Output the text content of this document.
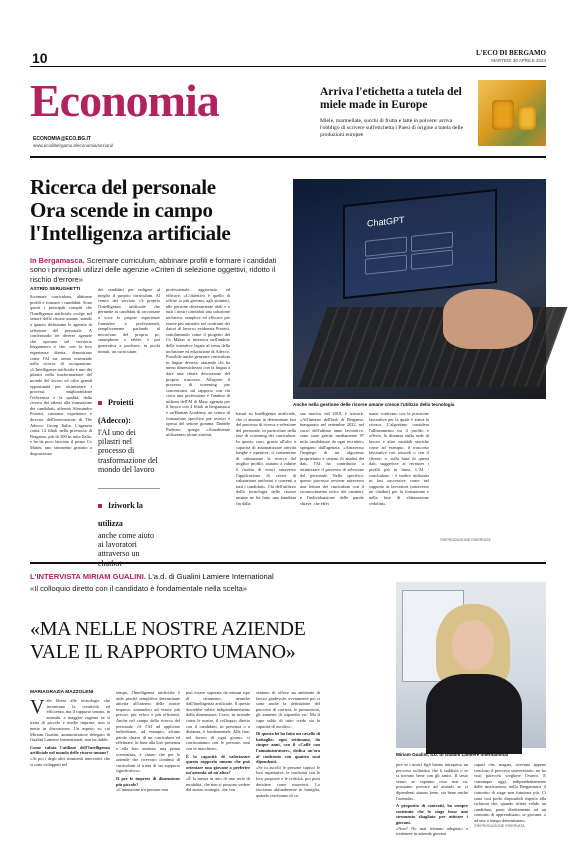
10	L'ECO DI BERGAMO
MARTEDÌ 30 APRILE 2024
Economia
ECONOMIA@ECO.BG.IT
www.ecodibergamo.it/economia/sezioni/
Arriva l'etichetta a tutela del miele made in Europe
Miele, marmellate, succhi di frutta e latte in polvere: arriva l'obbligo di scrivere sull'etichetta i Paesi di origine a tutela delle produzioni europee
Ricerca del personale
Ora scende in campo
l'Intelligenza artificiale
In Bergamasca. Scremare curriculum, abbinare profili e formare i candidati sono i principali utilizzi delle agenzie «Criteri di selezione oggettivi, ridotto il rischio d'errore»
ChatGPT
Anche nella gestione delle risorse umane cresce l'utilizzo della tecnologia
ASTRID SERUGHETTI
Scremare curriculum, abbinare profili e formare i candidati. Sono questi i principali compiti che l'Intelligenza artificiale svolge nel settore delle risorse umane, stando a quanto dichiarano le agenzie di selezione del personale. A confermarlo tre diverse agenzie che operano sul territorio bergamasco e che, con la loro esperienza diretta, dimostrano come l'AI sia ormai essenziale nella ricerca di occupazione. «L'Intelligenza artificiale è uno dei pilastri nella trasformazione del mondo del lavoro ed offre grandi opportunità per ottimizzare i processi, migliorandone l'efficienza e la qualità, dalla ricerca dei talenti alla formazione dei candidati» afferma Alessandro Proietti, customer experience e director dell'innovazione di The Adecco Group Italia. L'agenzia conta 14 filiali nella provincia di Bergamo, più di 300 in tutta Italia, e ha da poco lanciato il primo Cv Maker, uno strumento gratuito a disposizione
dei candidati per redigere al meglio il proprio curriculum. Al centro del servizio c'è proprio l'Intelligenza artificiale che permette ai candidati di raccontare a voce le proprie esperienze formative e professionali, semplicemente parlando al microfono del proprio pc, smartphone o tablet: è poi generativa a produrre, in pochi minuti, un curriculum
Proietti (Adecco):
l'AI uno dei pilastri nel processo di trasformazione del mondo del lavoro
Iziwork la utilizza
anche come aiuto ai lavoratori attraverso un
professionale aggiornato ed efficace. «L'obiettivo è quello di offrire ai più giovani, agli stranieri, alle persone diversamente abili e a tutti i nostri candidati una soluzione inclusiva, semplice ed efficace per essere più attrattivi nei confronti dei datori di lavoro» evidenzia Proietti, sottolineando come il progetto del Cv Maker si inserisca nell'ambito delle iniziative legate al tema della inclusione ed educazione di Adecco. Possibile anche generare curriculum in lingue diverse, aiutando chi ha meno dimestichezza con la lingua a dare una chiara descrizione del proprio trascorso. Allegorie il processo di screening per concentrarsi sul rapporto con chi cerca una professione è l'ambito di utilizzo dell'AI di Maw, agenzia per il lavoro con 4 filiali in bergamasca e un'Human Academy, un centro di formazione specifico per tecnici e operai del settore gomma. Daniele Paderno, spiega: «Attualmente utilizziamo alcuni sistemi,
basati su Intelligenza artificiale, che ci aiutano in determinate fasi del processo di ricerca e selezione del personale, in particolare nella fase di screening dei curriculum. In questo caso, grazie all'alto e capacità di automatizzare attività lunghe e ripetitive, ci consentono di ottimizzare la ricerca del miglior profilo, aiutano a ridurre il rischio di errori attraverso l'applicazione di criteri di valutazione uniformi e coerenti a tutti i candidati». Chi dell'utilizzo della tecnologia nelle risorse umane ne ha fatto una bandiera fin dalla
sua nascita, nel 2018, è iziwork. «All'interno dell'hub di Bergamo, inaugurato nel settembre 2022, nel corso dell'ultimo anno lavorativo, sono state gestite mediamente 97 mila candidature da ogni recruiter» spiegano dall'agenzia. «Attraverso l'impiego di un algoritmo proprietario e sistemi di analisi dei dati, l'AI ha contribuito a ottimizzare il processo di selezione del personale. Nello specifico, questo processo avviene attraverso una lettura dei curriculum con il riconoscimento ottico dei caratteri, e l'individuazione delle parole chiave, che effet
tuano confronto con la posizione lavorativa per la quale è attiva la ricerca. L'algoritmo considera l'allineamento tra il profilo e offerta, la distanza dalla sede di lavoro e altre variabili storiche come ad esempio, il trascorso lavorativo con iziwork o con il cliente, e, sulla base di questi dati, suggerisce ai recruiter i profili più in linea. L'AI - concludono - è inoltre utilizzata in fasi successive come nel supporto ai lavoratori (attraverso un chatbot) per la formazione e nella fase di elaborazione cedolini».
©RIPRODUZIONE RISERVATA
L'INTERVISTA MIRIAM GUALINI. L'a.d. di Gualini Lamiere International
«Il colloquio diretto con il candidato è fondamentale nella scelta»
«MA NELLE NOSTRE AZIENDE
VALE IL RAPPORTO UMANO»
Miriam Gualini, a.d. di Gualini Lamiere International
MARIAGRAZIA MAZZOLENI
Vale libera alle tecnologie che incontrano la creatività ed efficienza, ma il rapporto umano, in azienda, a maggior ragione se si tratta di piccole e medie imprese, non si mette in discussione. Un aspetto su cui Miriam Gualini, amministratore delegato di Gualini Lamiere International, non ha dubbi.
Come valuta l'utilizzo dell'Intelligenza artificiale nel mondo delle risorse umane?
«Ai poi i degli altri strumenti innovativi che si sono sviluppati nel
tempo, l'Intelligenza artificiale è utile perché semplifica determinate attività all'interno delle nostre imprese, aiutandoci ad essere più precisi, più veloci e più efficienti. Anche nel campo della ricerca del personale c'è l'AI ad applicare individuare, ad esempio, alcune parole chiave di un curriculum ed effettuare, in base alla loro presenza o alla loro assenza, una prima scrematura, è chiaro che per le aziende che ricevono continui di curriculum si tratta di un supporto significativo».
Il per le imprese di dimensione più piccole?
«L'intenzione tra persone non
può essere superata da nessun tipo di strumento, neanche dall'Intelligenza artificiale. Il questo dovrebbe valere indipendentemente dalla dimensione. Certo, in aziende come le nostre, il colloquio diretto con il candidato, in presenza o a distanza, è fondamentale. Alla fine, nel lavoro di ogni giorno, ci confrontiamo con le persone, non con le macchine».
È la capacità di valorizzare questo rapporto umano che può orientare una giovane a preferire un'azienda ad un'altra?
«È la messa in atto di una serie di modalità, che non si possono vedere dal nostro strategie, che con
sentono di offrire un ambiente di lavoro gradevole, ovviamente poi ci sono anche la definizione del percorso di carriera, le promozioni, gli aumenti di stipendio etc. Ma il capo saldo di tutto credo sia la capacità di ascolto».
Di questa lei ha fatto un cavallo di battaglia: ogni settimana, da cinque anni, con il «Caffè con l'amministratore», dedica un'ora al confronto con quattro suoi dipendenti.
«Se tu ascolti le persone capisci le loro aspettative, le confronti con le loro proposte e le criticità, poi puoi decidere come muoverti. Lo facciamo abitualmente in famiglia, quando cerchiamo di ca
pire se i nostri figli hanno intrapreso un percorso scolastico che li soddisfa o se si trovano bene con gli amici. Il sesto senso, se capiamo cosa non va, possiamo provare ad aiutarli se ci dipendenti stanno bene, sta bene anche l'azienda».
A proposito di contratti, ha sempre sostenuto che lo stage fosse uno strumento sbagliato per attirare i giovani.
«Non? No mai ritenuto adeguato a trattenere in azienda giovani
capaci che, magari, avevano appena concluso il percorso universitario: ne ho visti parecchi scegliere l'estero. E comunque oggi, indipendentemente dalle motivazioni, nella Bergamasca il contratto di stage non funziona più. Ci sono così pochi disponibili rispetto alla richiesta che, quando ritieni valido un candidato, passi direttamente ad un contratto di apprendistato, se giovane, o ad uno a tempo determinato».
©RIPRODUZIONE RISERVATA
